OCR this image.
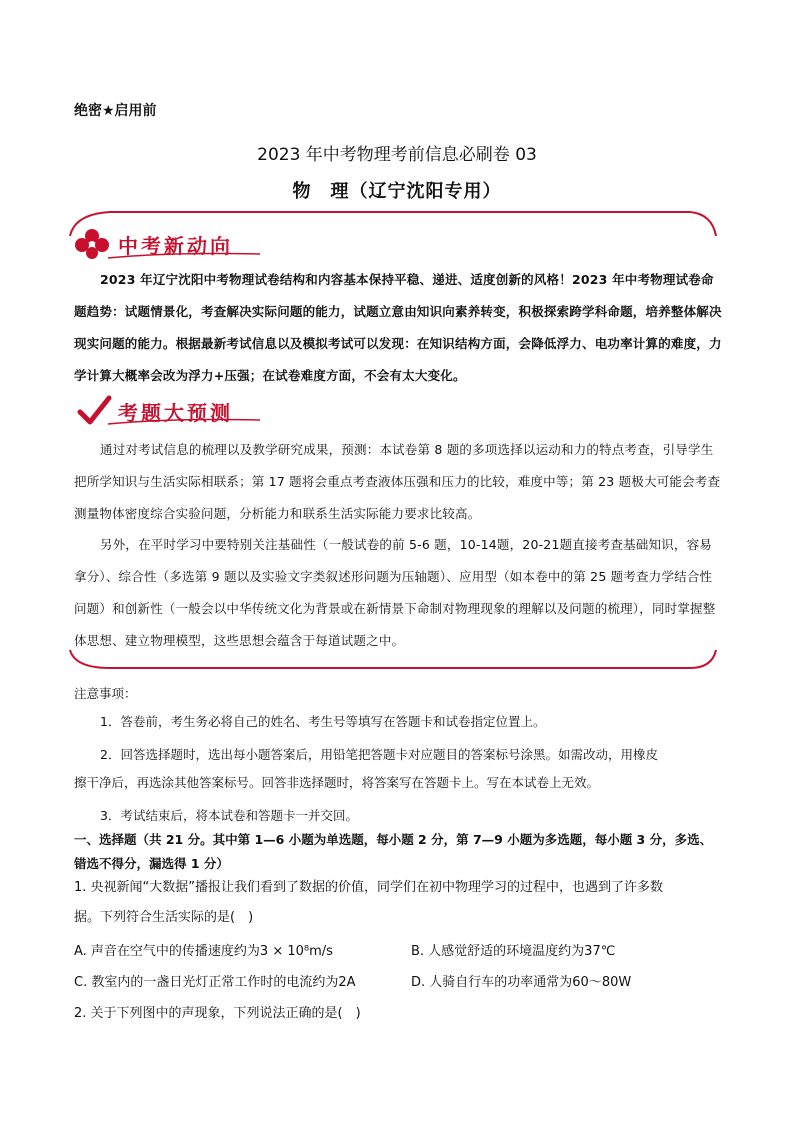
绝密★启用前
2023 年中考物理考前信息必刷卷 03
物　理（辽宁沈阳专用）
中考新动向
2023 年辽宁沈阳中考物理试卷结构和内容基本保持平稳、递进、适度创新的风格！2023 年中考物理试卷命题趋势：试题情景化，考查解决实际问题的能力，试题立意由知识向素养转变，积极探索跨学科命题，培养整体解决现实问题的能力。根据最新考试信息以及模拟考试可以发现：在知识结构方面，会降低浮力、电功率计算的难度，力学计算大概率会改为浮力+压强；在试卷难度方面，不会有太大变化。
考题大预测
通过对考试信息的梳理以及教学研究成果，预测：本试卷第 8 题的多项选择以运动和力的特点考查，引导学生把所学知识与生活实际相联系；第 17 题将会重点考查液体压强和压力的比较，难度中等；第 23 题极大可能会考查测量物体密度综合实验问题，分析能力和联系生活实际能力要求比较高。
另外，在平时学习中要特别关注基础性（一般试卷的前 5-6 题，10-14题，20-21题直接考查基础知识，容易拿分）、综合性（多选第 9 题以及实验文字类叙述形问题为压轴题）、应用型（如本卷中的第 25 题考查力学结合性问题）和创新性（一般会以中华传统文化为背景或在新情景下命制对物理现象的理解以及问题的梳理），同时掌握整体思想、建立物理模型，这些思想会蕴含于每道试题之中。
注意事项：
1．答卷前，考生务必将自己的姓名、考生号等填写在答题卡和试卷指定位置上。
2．回答选择题时，选出每小题答案后，用铅笔把答题卡对应题目的答案标号涂黑。如需改动，用橡皮
擦干净后，再选涂其他答案标号。回答非选择题时，将答案写在答题卡上。写在本试卷上无效。
3．考试结束后，将本试卷和答题卡一并交回。
一、选择题（共 21 分。其中第 1—6 小题为单选题，每小题 2 分，第 7—9 小题为多选题，每小题 3 分，多选、错选不得分，漏选得 1 分）
1. 央视新闻“大数据”播报让我们看到了数据的价值，同学们在初中物理学习的过程中，也遇到了许多数
据。下列符合生活实际的是(　)
A. 声音在空气中的传播速度约为3 × 10⁸m/s	B. 人感觉舒适的环境温度约为37℃
C. 教室内的一盏日光灯正常工作时的电流约为2A	D. 人骑自行车的功率通常为60～80W
2. 关于下列图中的声现象，下列说法正确的是(　)
